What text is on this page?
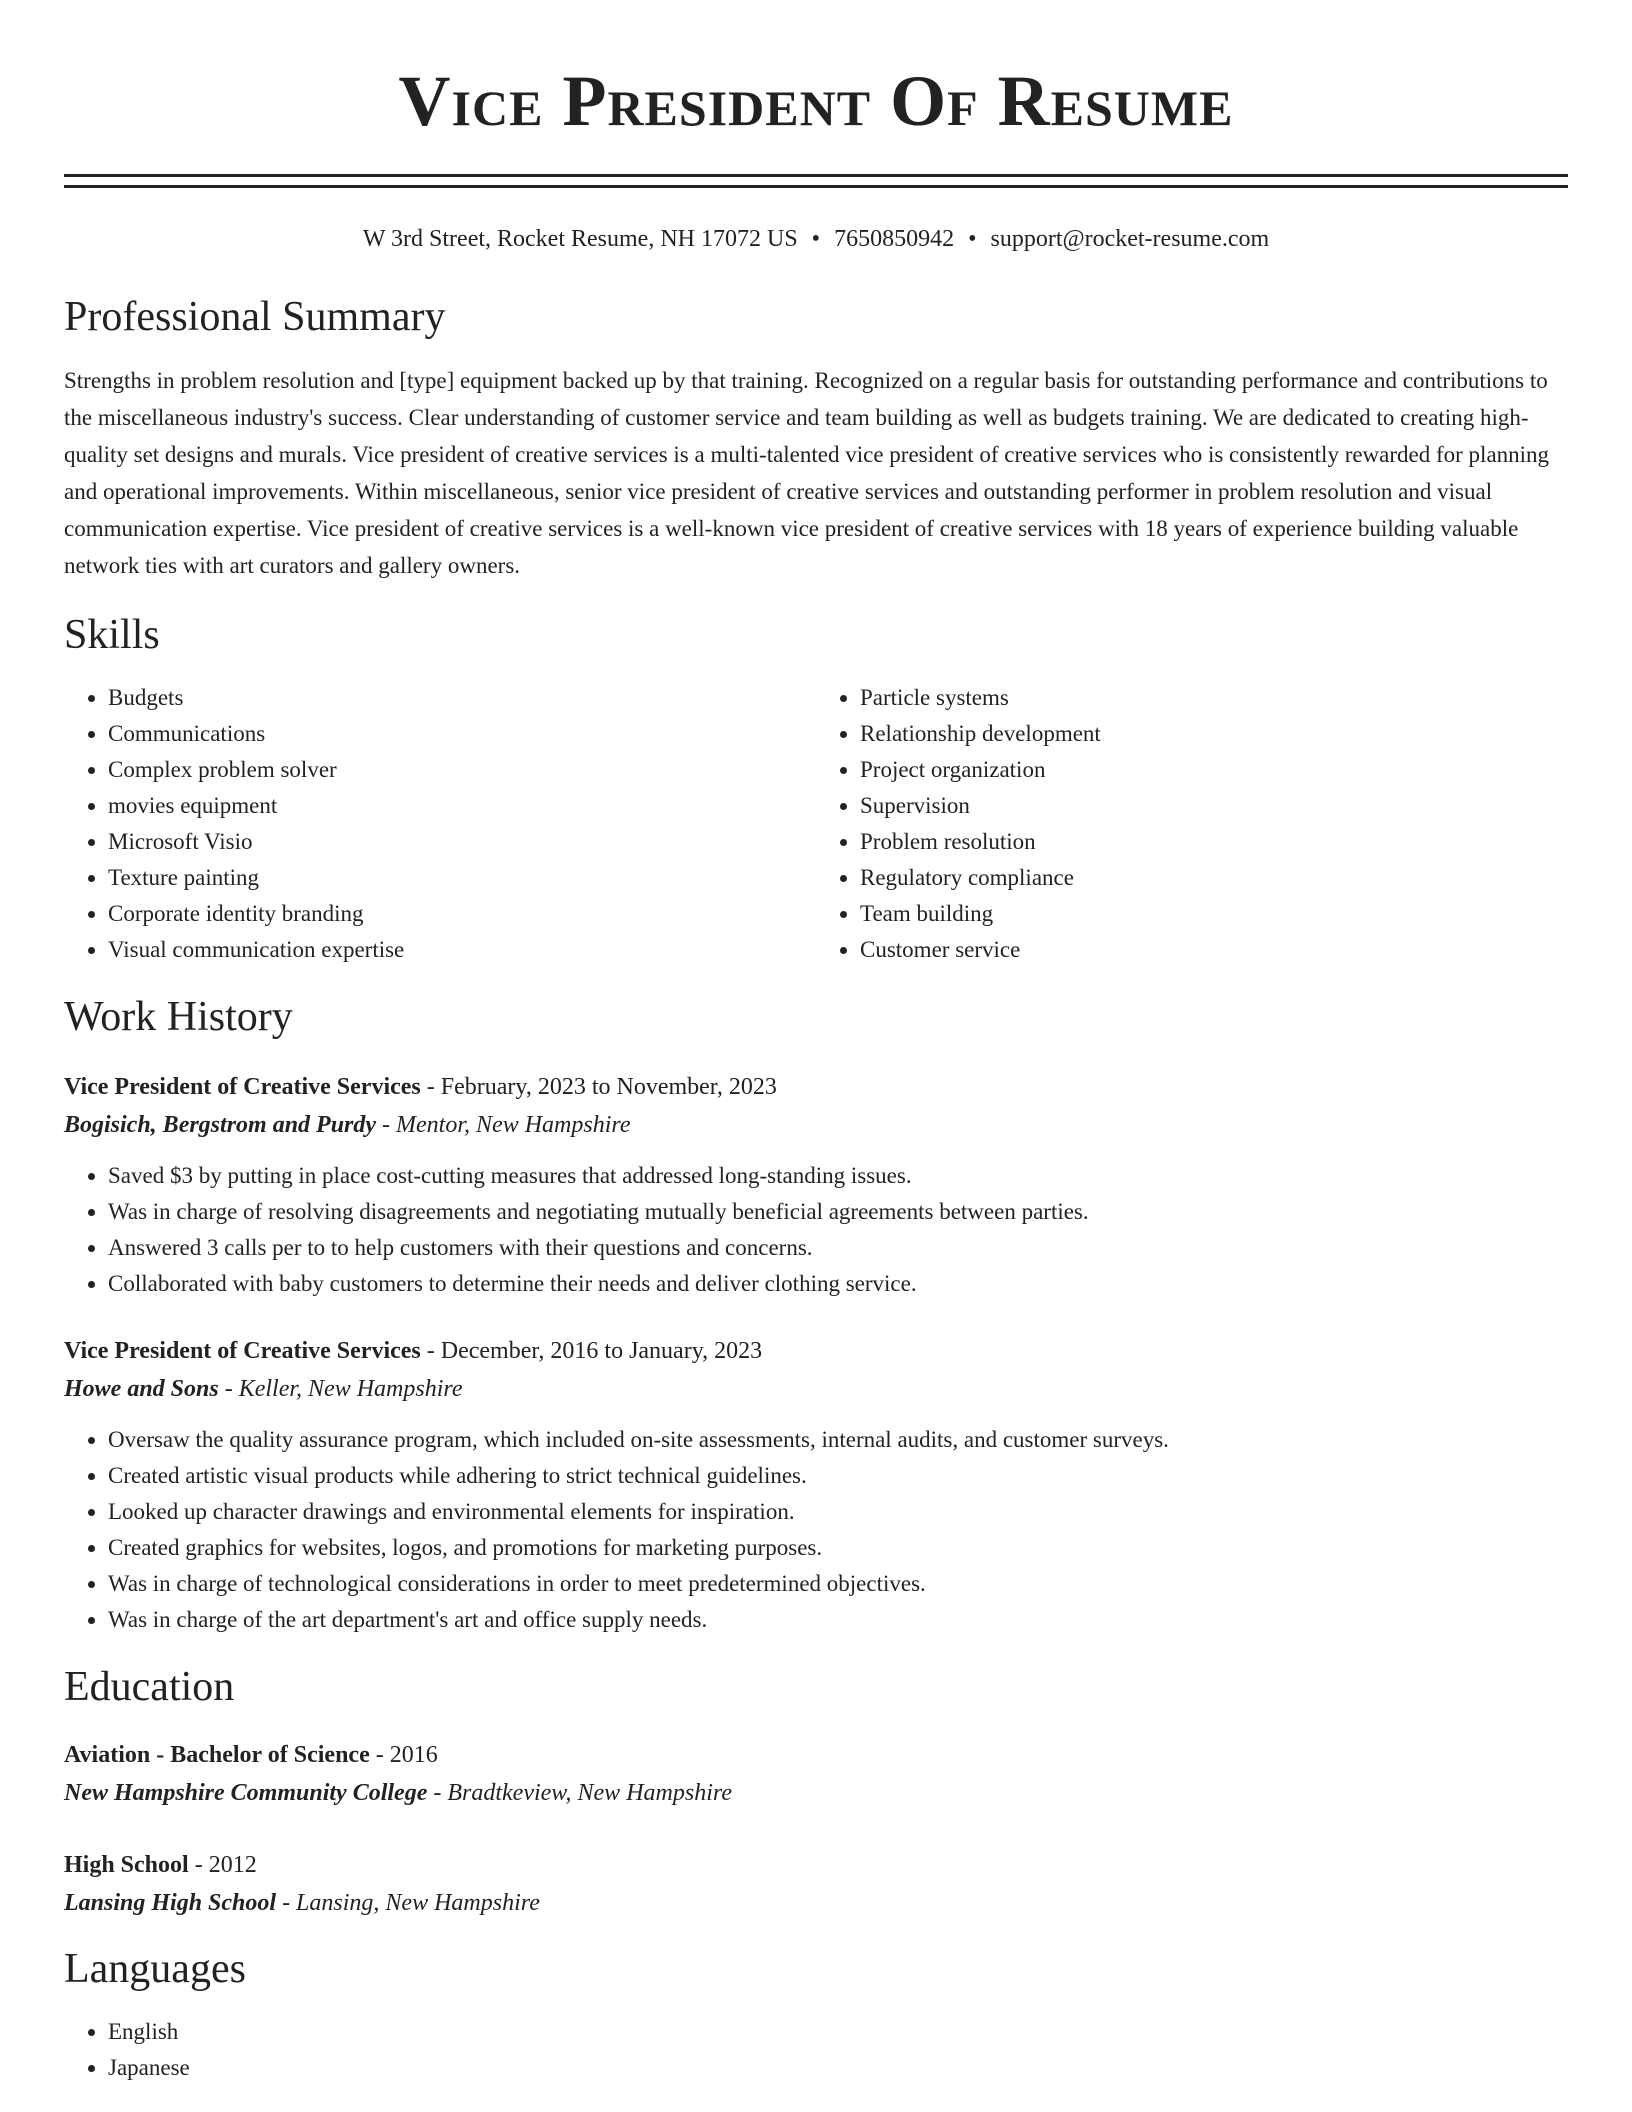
Vice President Of Resume
W 3rd Street, Rocket Resume, NH 17072 US • 7650850942 • support@rocket-resume.com
Professional Summary

Strengths in problem resolution and [type] equipment backed up by that training. Recognized on a regular basis for outstanding performance and contributions to the miscellaneous industry's success. Clear understanding of customer service and team building as well as budgets training. We are dedicated to creating high-quality set designs and murals. Vice president of creative services is a multi-talented vice president of creative services who is consistently rewarded for planning and operational improvements. Within miscellaneous, senior vice president of creative services and outstanding performer in problem resolution and visual communication expertise. Vice president of creative services is a well-known vice president of creative services with 18 years of experience building valuable network ties with art curators and gallery owners.

Skills
• Budgets
• Communications
• Complex problem solver
• movies equipment
• Microsoft Visio
• Texture painting
• Corporate identity branding
• Visual communication expertise
• Particle systems
• Relationship development
• Project organization
• Supervision
• Problem resolution
• Regulatory compliance
• Team building
• Customer service
Work History
Vice President of Creative Services - February, 2023 to November, 2023
Bogisich, Bergstrom and Purdy - Mentor, New Hampshire
• Saved $3 by putting in place cost-cutting measures that addressed long-standing issues.
• Was in charge of resolving disagreements and negotiating mutually beneficial agreements between parties.
• Answered 3 calls per to to help customers with their questions and concerns.
• Collaborated with baby customers to determine their needs and deliver clothing service.
Vice President of Creative Services - December, 2016 to January, 2023
Howe and Sons - Keller, New Hampshire
• Oversaw the quality assurance program, which included on-site assessments, internal audits, and customer surveys.
• Created artistic visual products while adhering to strict technical guidelines.
• Looked up character drawings and environmental elements for inspiration.
• Created graphics for websites, logos, and promotions for marketing purposes.
• Was in charge of technological considerations in order to meet predetermined objectives.
• Was in charge of the art department's art and office supply needs.
Education
Aviation - Bachelor of Science - 2016
New Hampshire Community College - Bradtkeview, New Hampshire
High School - 2012
Lansing High School - Lansing, New Hampshire
Languages
• English
• Japanese
